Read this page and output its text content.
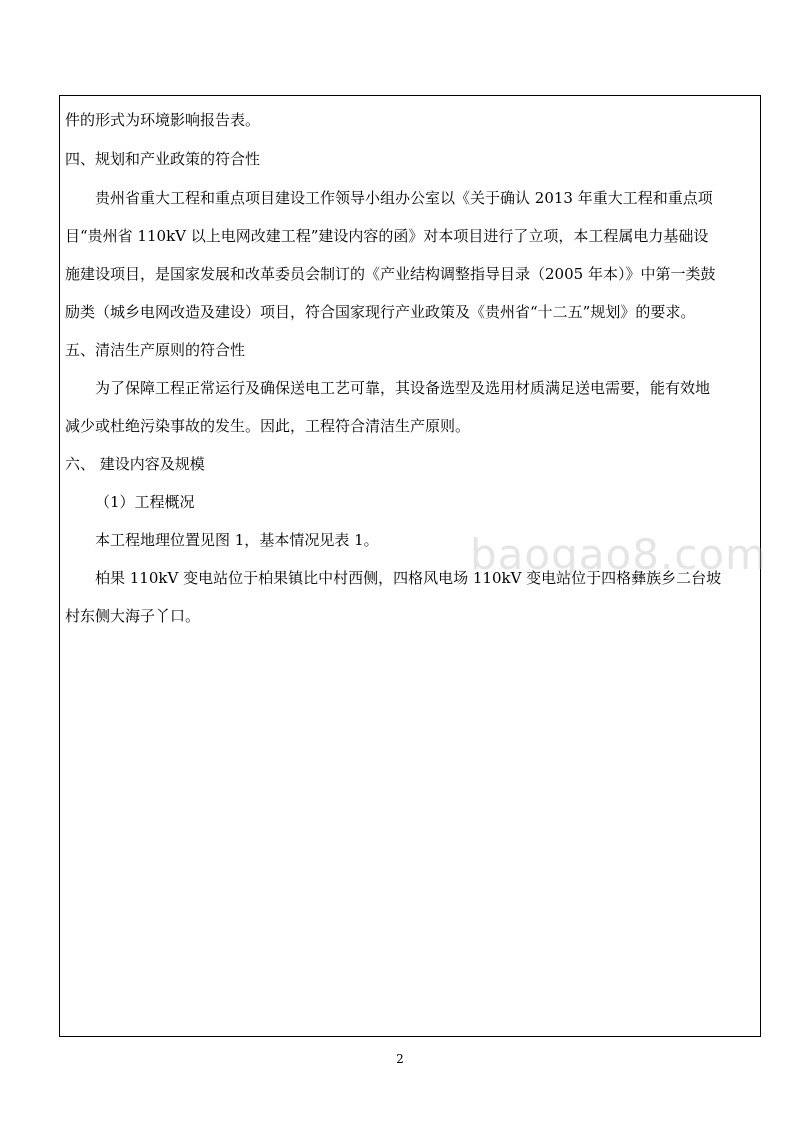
件的形式为环境影响报告表。

四、规划和产业政策的符合性

贵州省重大工程和重点项目建设工作领导小组办公室以《关于确认 2013 年重大工程和重点项

目“贵州省 110kV 以上电网改建工程”建设内容的函》对本项目进行了立项，本工程属电力基础设

施建设项目，是国家发展和改革委员会制订的《产业结构调整指导目录（2005 年本）》中第一类鼓

励类（城乡电网改造及建设）项目，符合国家现行产业政策及《贵州省“十二五”规划》的要求。

五、清洁生产原则的符合性

为了保障工程正常运行及确保送电工艺可靠，其设备选型及选用材质满足送电需要，能有效地

减少或杜绝污染事故的发生。因此，工程符合清洁生产原则。

六、 建设内容及规模

（1）工程概况

本工程地理位置见图 1，基本情况见表 1。

柏果 110kV 变电站位于柏果镇比中村西侧，四格风电场 110kV 变电站位于四格彝族乡二台坡

村东侧大海子丫口。

baogao8.com
2
